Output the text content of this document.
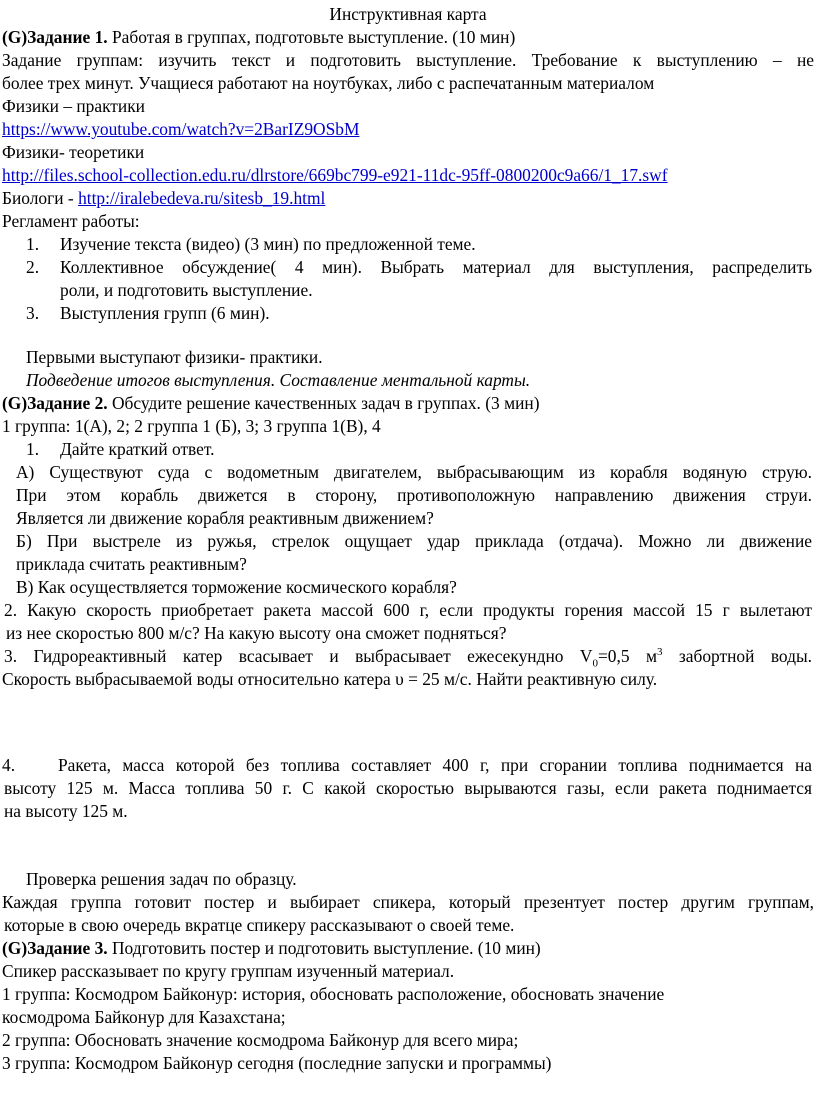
Инструктивная карта
(G)Задание 1. Работая в группах, подготовьте выступление. (10 мин)
Задание группам: изучить текст и подготовить выступление. Требование к выступлению – не
более трех минут. Учащиеся работают на ноутбуках, либо с распечатанным материалом
Физики – практики
https://www.youtube.com/watch?v=2BarIZ9OSbM
Физики- теоретики
http://files.school-collection.edu.ru/dlrstore/669bc799-e921-11dc-95ff-0800200c9a66/1_17.swf
Биологи - http://iralebedeva.ru/sitesb_19.html
Регламент работы:
1. Изучение текста (видео) (3 мин) по предложенной теме.
2. Коллективное обсуждение( 4 мин). Выбрать материал для выступления, распределить
роли, и подготовить выступление.
3. Выступления групп (6 мин).
Первыми выступают физики- практики.
Подведение итогов выступления. Составление ментальной карты.
(G)Задание 2. Обсудите решение качественных задач в группах. (3 мин)
1 группа: 1(А), 2; 2 группа 1 (Б), 3; 3 группа 1(В), 4
1. Дайте краткий ответ.
А) Существуют суда с водометным двигателем, выбрасывающим из корабля водяную струю.
При этом корабль движется в сторону, противоположную направлению движения струи.
Является ли движение корабля реактивным движением?
Б) При выстреле из ружья, стрелок ощущает удар приклада (отдача). Можно ли движение
приклада считать реактивным?
В) Как осуществляется торможение космического корабля?
2. Какую скорость приобретает ракета массой 600 г, если продукты горения массой 15 г вылетают
из нее скоростью 800 м/с? На какую высоту она сможет подняться?
3. Гидрореактивный катер всасывает и выбрасывает ежесекундно $V_0=0,5$ $м^3$ забортной воды.
Скорость выбрасываемой воды относительно катера υ = 25 м/с. Найти реактивную силу.
4. Ракета, масса которой без топлива составляет 400 г, при сгорании топлива поднимается на
высоту 125 м. Масса топлива 50 г. С какой скоростью вырываются газы, если ракета поднимается
на высоту 125 м.
Проверка решения задач по образцу.
Каждая группа готовит постер и выбирает спикера, который презентует постер другим группам,
которые в свою очередь вкратце спикеру рассказывают о своей теме.
(G)Задание 3. Подготовить постер и подготовить выступление. (10 мин)
Спикер рассказывает по кругу группам изученный материал.
1 группа: Космодром Байконур: история, обосновать расположение, обосновать значение
космодрома Байконур для Казахстана;
2 группа: Обосновать значение космодрома Байконур для всего мира;
3 группа: Космодром Байконур сегодня (последние запуски и программы)
